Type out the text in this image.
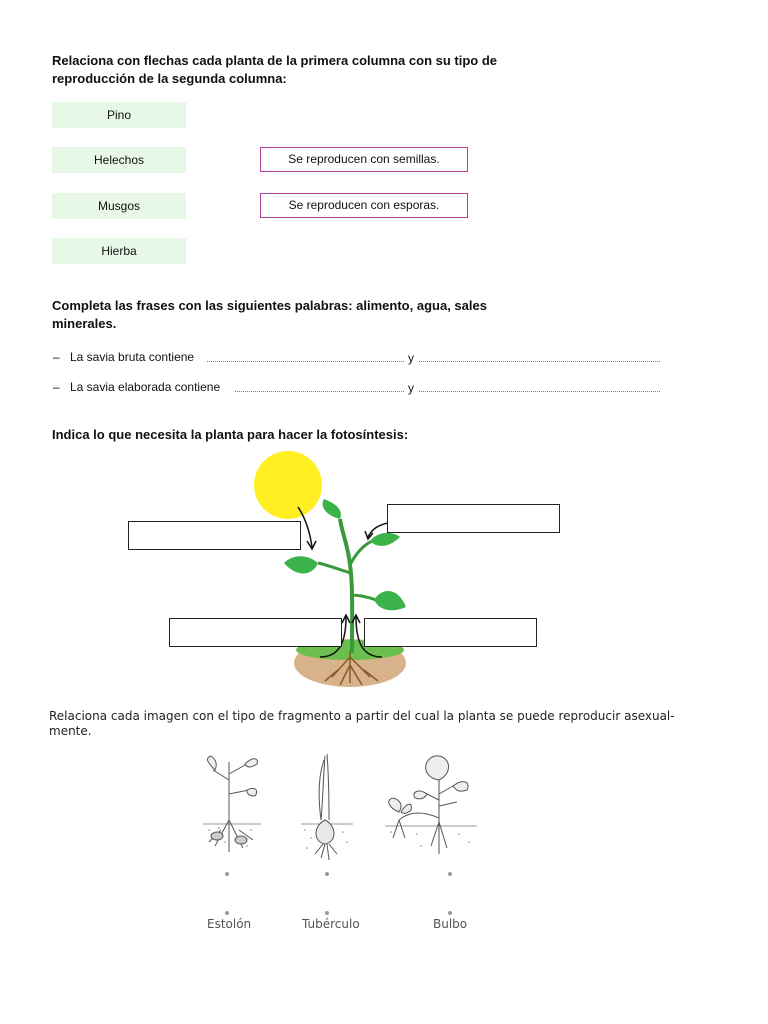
Relaciona con flechas cada planta de la primera columna con su tipo de
reproducción de la segunda columna:
Pino
Helechos
Musgos
Hierba
Se reproducen con semillas.
Se reproducen con esporas.
Completa las frases con las siguientes palabras: alimento, agua, sales
minerales.
– La savia bruta contiene	y
– La savia elaborada contiene	y
Indica lo que necesita la planta para hacer la fotosíntesis:
Relaciona cada imagen con el tipo de fragmento a partir del cual la planta se puede reproducir asexual-
mente.
Estolón	Tubérculo	Bulbo
